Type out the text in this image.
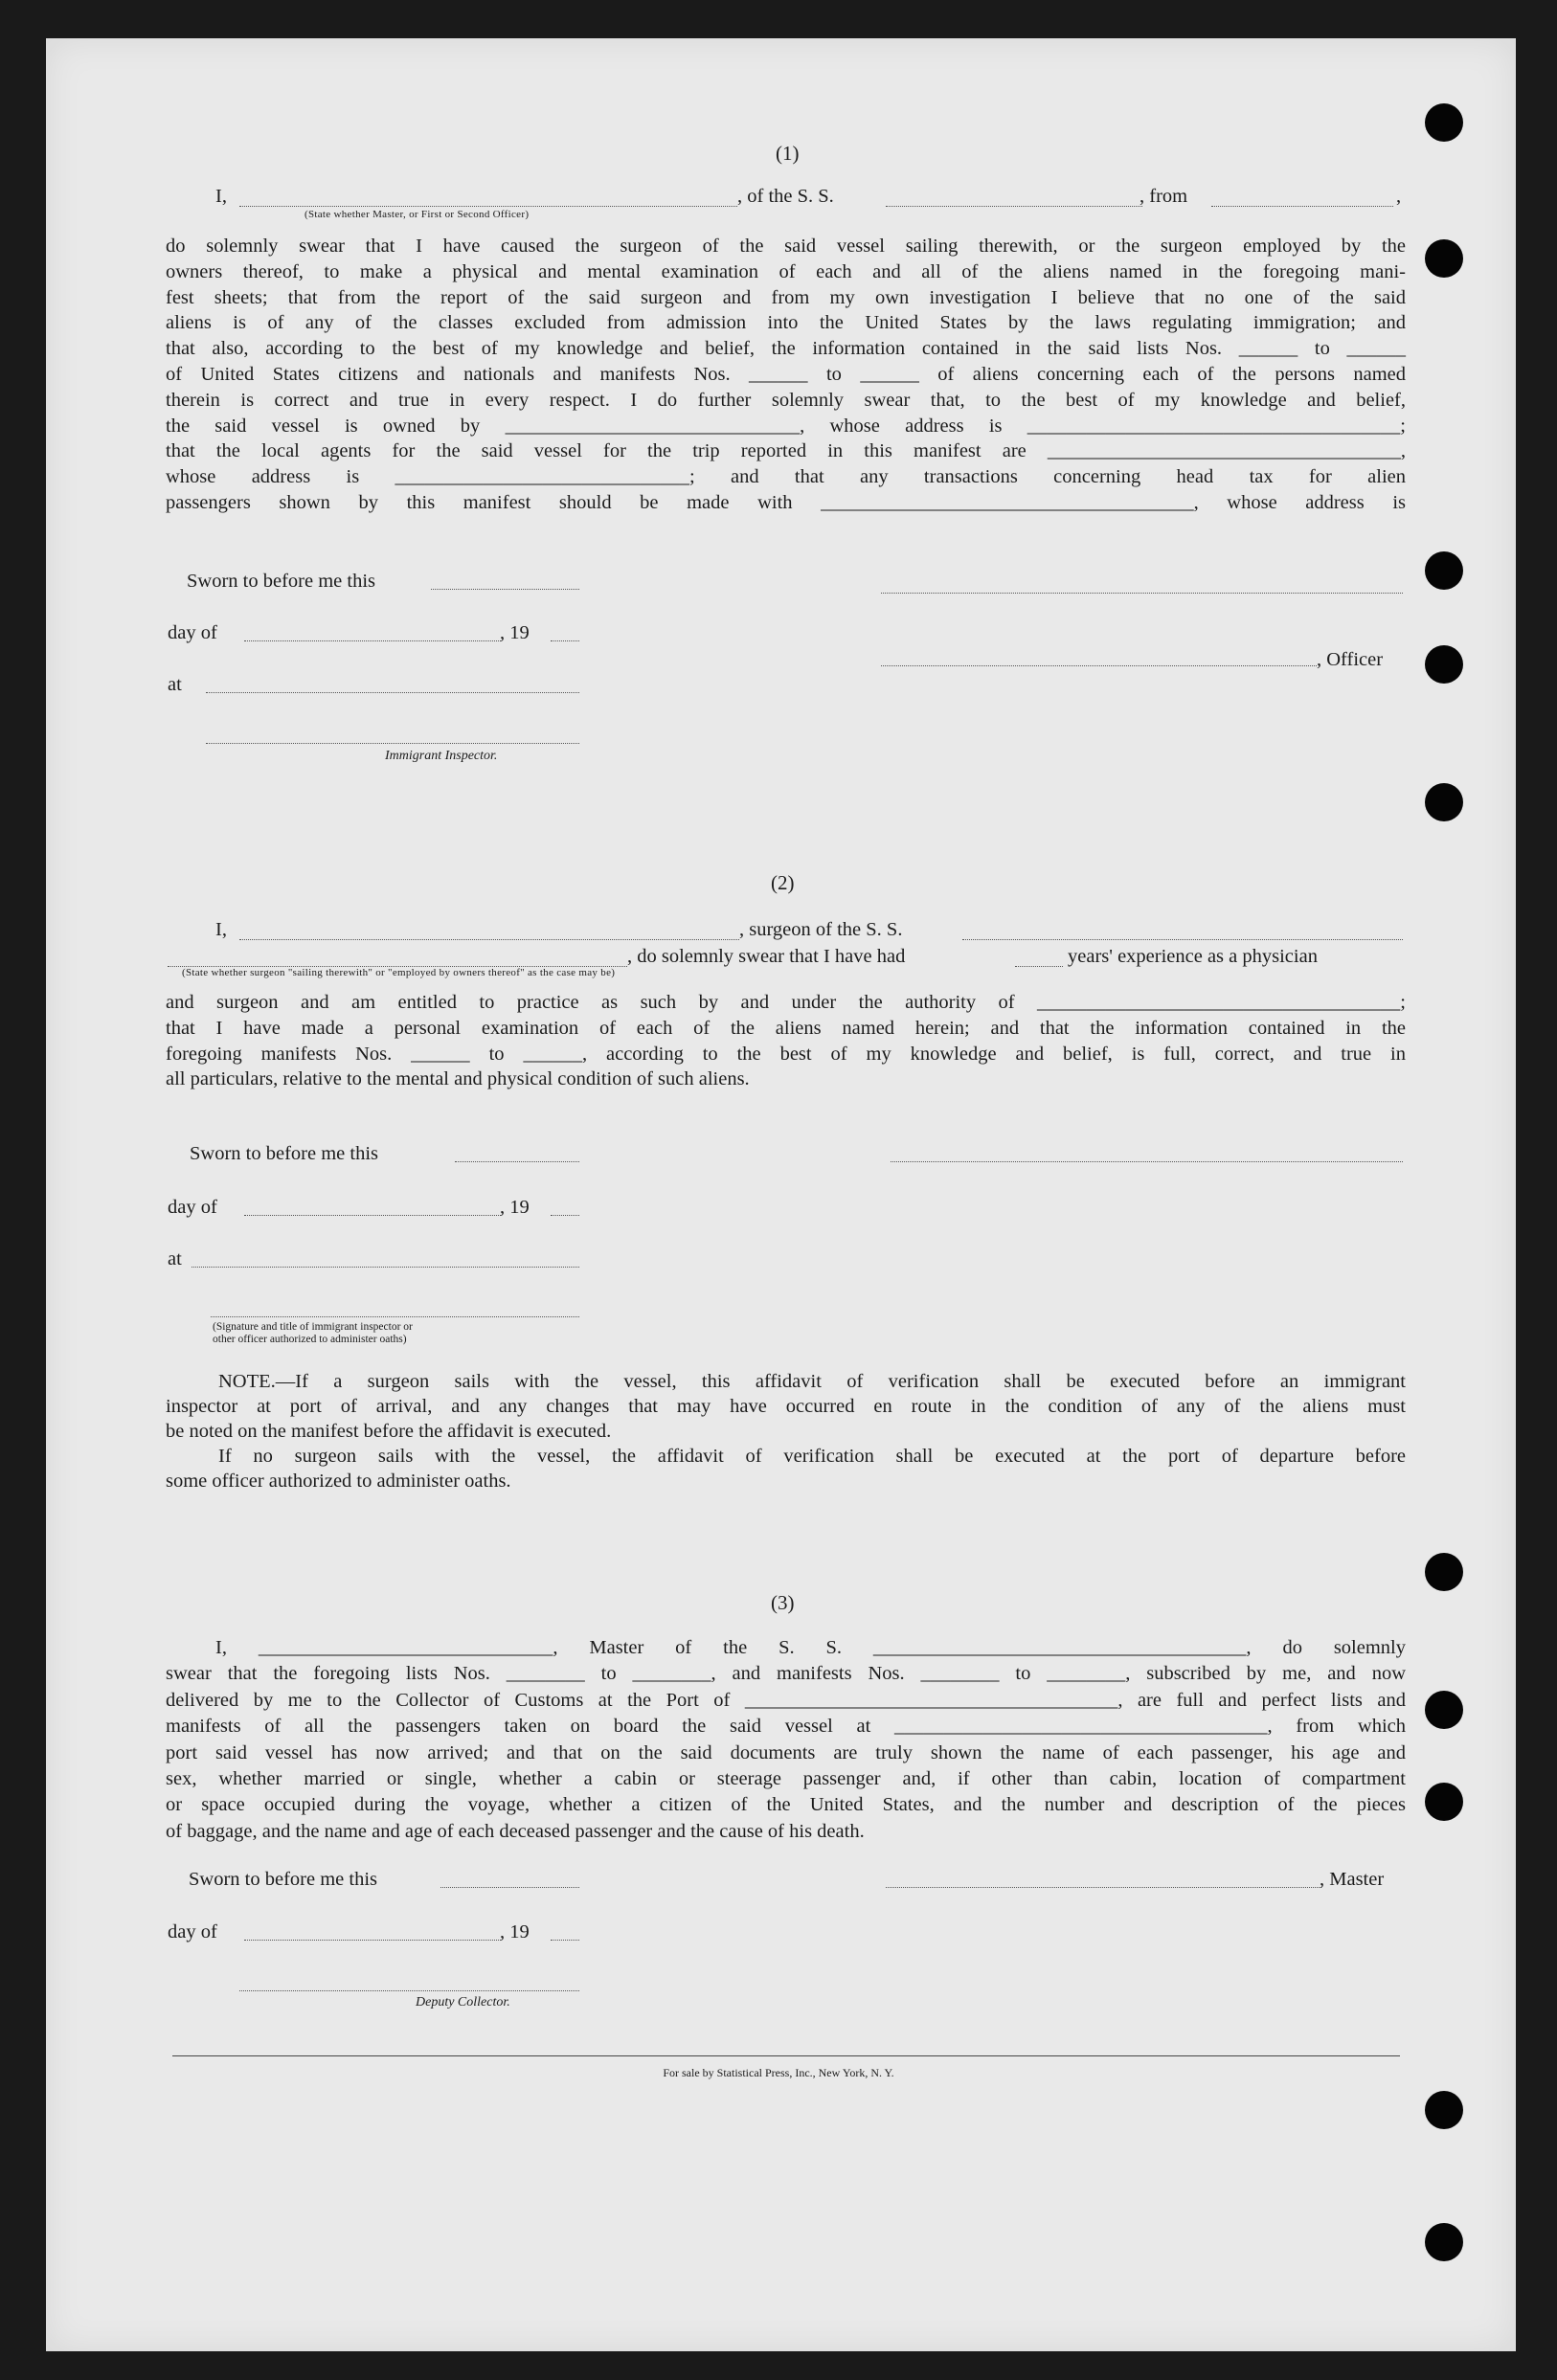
(1)
I,
(State whether Master, or First or Second Officer)
, of the S. S.	, from	,

do solemnly swear that I have caused the surgeon of the said vessel sailing therewith, or the surgeon employed by the

owners thereof, to make a physical and mental examination of each and all of the aliens named in the foregoing mani-

fest sheets; that from the report of the said surgeon and from my own investigation I believe that no one of the said

aliens is of any of the classes excluded from admission into the United States by the laws regulating immigration; and

that also, according to the best of my knowledge and belief, the information contained in the said lists Nos. ______ to ______

of United States citizens and nationals and manifests Nos. ______ to ______ of aliens concerning each of the persons named

therein is correct and true in every respect. I do further solemnly swear that, to the best of my knowledge and belief,

the said vessel is owned by ______________________________, whose address is ______________________________________;

that the local agents for the said vessel for the trip reported in this manifest are ____________________________________,

whose address is ______________________________; and that any transactions concerning head tax for alien

passengers shown by this manifest should be made with ______________________________________, whose address is

Sworn to before me this
day of	, 19
, Officer
at
Immigrant Inspector.
(2)
I,	, surgeon of the S. S.
, do solemnly swear that I have had	years' experience as a physician
(State whether surgeon "sailing therewith" or "employed by owners thereof" as the case may be)

and surgeon and am entitled to practice as such by and under the authority of _____________________________________;

that I have made a personal examination of each of the aliens named herein; and that the information contained in the

foregoing manifests Nos. ______ to ______, according to the best of my knowledge and belief, is full, correct, and true in

all particulars, relative to the mental and physical condition of such aliens.

Sworn to before me this
day of	, 19
at
(Signature and title of immigrant inspector or
other officer authorized to administer oaths)

NOTE.—If a surgeon sails with the vessel, this affidavit of verification shall be executed before an immigrant

inspector at port of arrival, and any changes that may have occurred en route in the condition of any of the aliens must

be noted on the manifest before the affidavit is executed.

If no surgeon sails with the vessel, the affidavit of verification shall be executed at the port of departure before

some officer authorized to administer oaths.

(3)

I, ______________________________, Master of the S. S. ______________________________________, do solemnly

swear that the foregoing lists Nos. ________ to ________, and manifests Nos. ________ to ________, subscribed by me, and now

delivered by me to the Collector of Customs at the Port of ______________________________________, are full and perfect lists and

manifests of all the passengers taken on board the said vessel at ______________________________________, from which

port said vessel has now arrived; and that on the said documents are truly shown the name of each passenger, his age and

sex, whether married or single, whether a cabin or steerage passenger and, if other than cabin, location of compartment

or space occupied during the voyage, whether a citizen of the United States, and the number and description of the pieces

of baggage, and the name and age of each deceased passenger and the cause of his death.

Sworn to before me this	, Master
day of	, 19
Deputy Collector.
For sale by Statistical Press, Inc., New York, N. Y.
